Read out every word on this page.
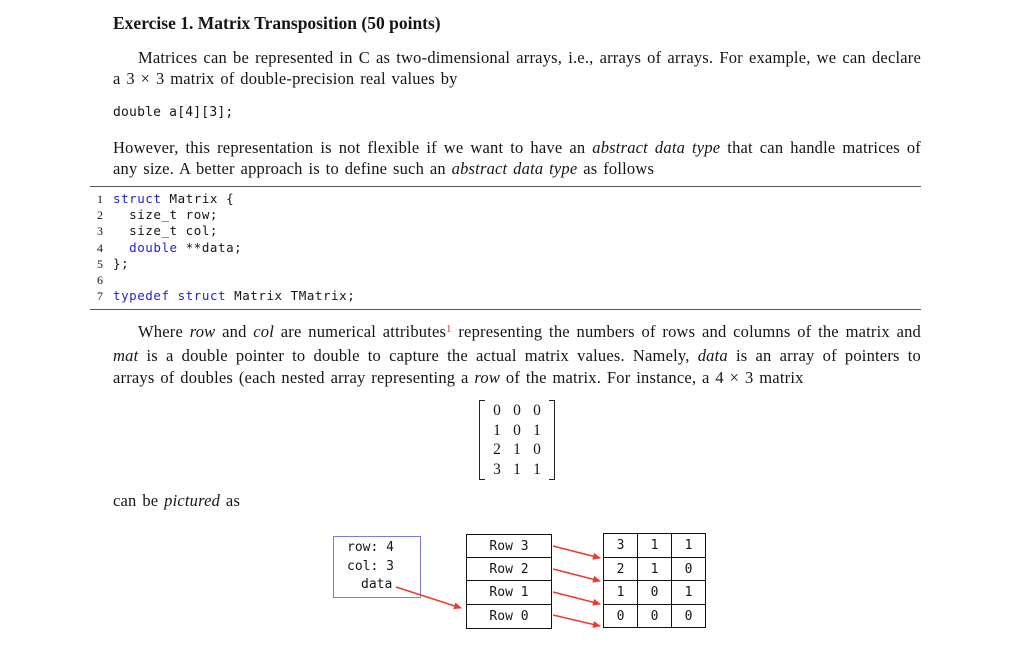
Exercise 1. Matrix Transposition (50 points)

Matrices can be represented in C as two-dimensional arrays, i.e., arrays of arrays. For example, we can declare a 3 × 3 matrix of double-precision real values by

double a[4][3];

However, this representation is not flexible if we want to have an abstract data type that can handle matrices of any size. A better approach is to define such an abstract data type as follows

1 struct Matrix {
2 size_t row;
3 size_t col;
4	double **data;
5 };
6
7 typedef struct Matrix TMatrix;

Where row and col are numerical attributes$^1$ representing the numbers of rows and columns of the matrix and mat is a double pointer to double to capture the actual matrix values. Namely, data is an array of pointers to arrays of doubles (each nested array representing a row of the matrix. For instance, a 4 × 3 matrix

0 0 0
1 0 1
2 1 0
3 1 1

can be pictured as

row: 4
col: 3
data
Row 3
Row 2
Row 1
Row 0
3	1	1
2	1	0
1	0	1
0	0	0
